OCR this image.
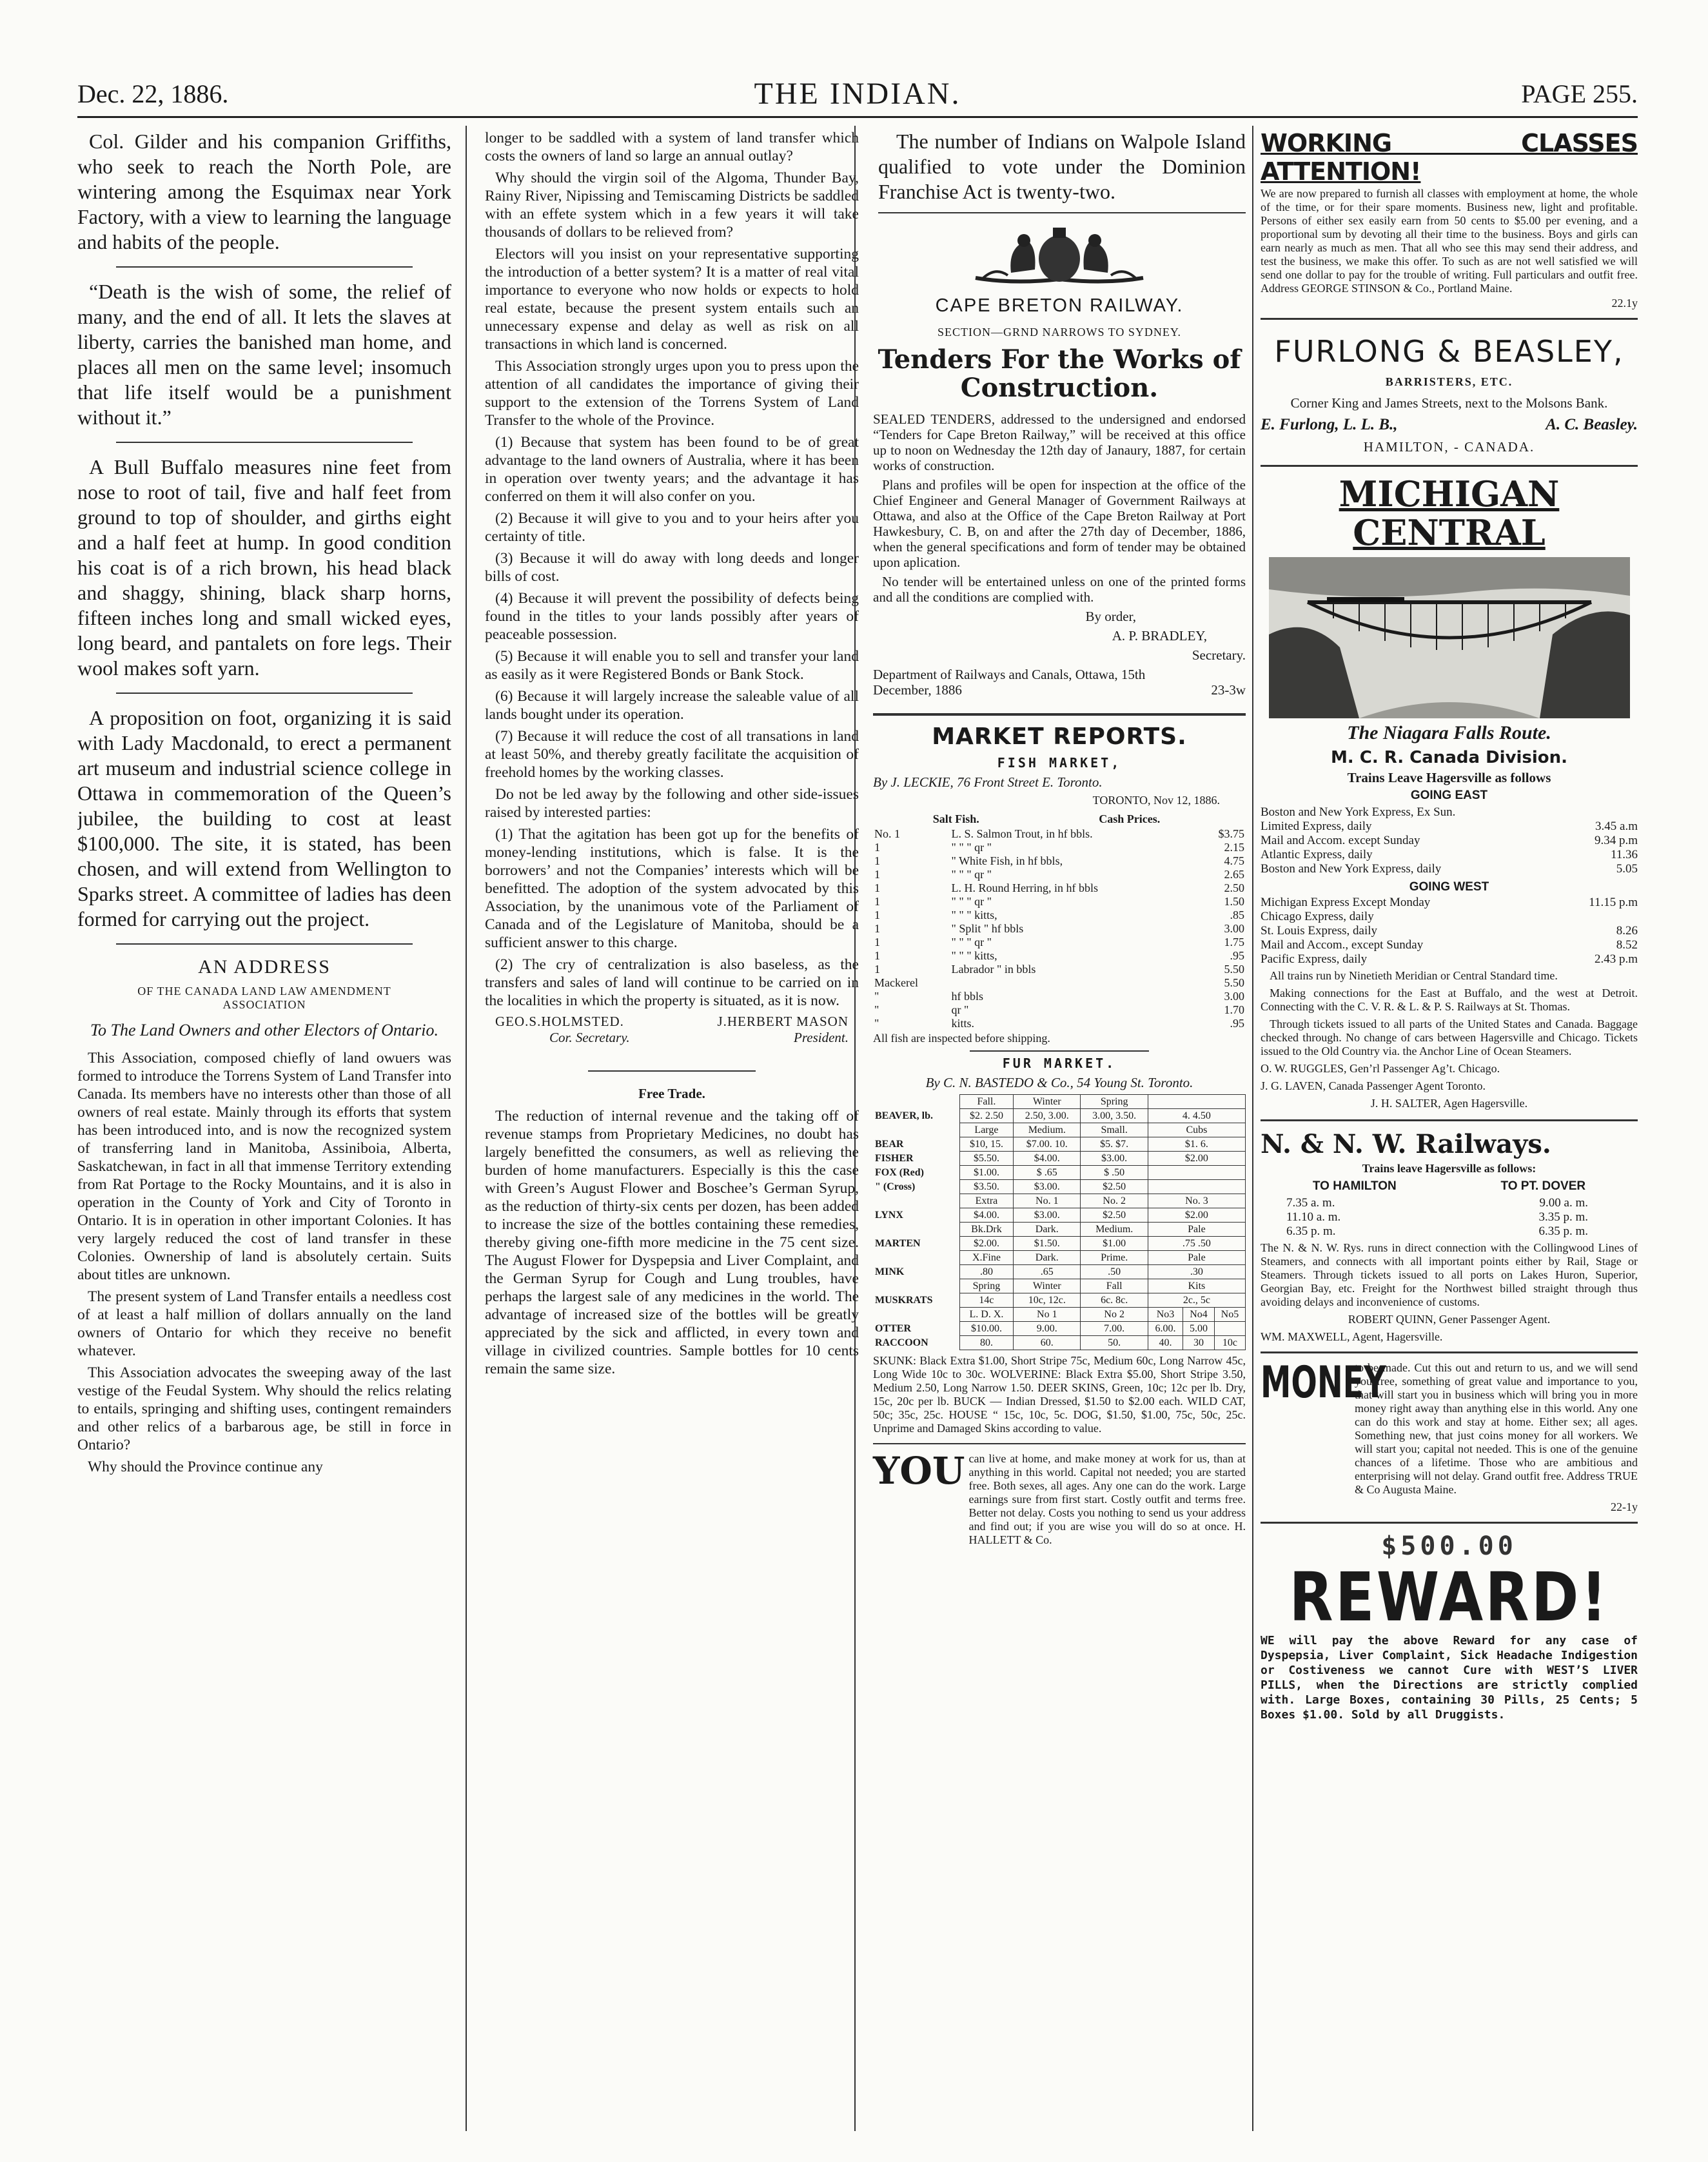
Dec. 22, 1886.	THE INDIAN.	PAGE 255.

Col. Gilder and his companion Griffiths, who seek to reach the North Pole, are wintering among the Esquimax near York Factory, with a view to learning the language and habits of the people.

“Death is the wish of some, the relief of many, and the end of all. It lets the slaves at liberty, carries the banished man home, and places all men on the same level; insomuch that life itself would be a punishment without it.”

A Bull Buffalo measures nine feet from nose to root of tail, five and half feet from ground to top of shoulder, and girths eight and a half feet at hump. In good condition his coat is of a rich brown, his head black and shaggy, shining, black sharp horns, fifteen inches long and small wicked eyes, long beard, and pantalets on fore legs. Their wool makes soft yarn.

A proposition on foot, organizing it is said with Lady Macdonald, to erect a permanent art museum and industrial science college in Ottawa in commemoration of the Queen’s jubilee, the building to cost at least $100,000. The site, it is stated, has been chosen, and will extend from Wellington to Sparks street. A committee of ladies has deen formed for carrying out the project.

AN ADDRESS

OF THE CANADA LAND LAW AMENDMENT ASSOCIATION

To The Land Owners and other Electors of Ontario.

This Association, composed chiefly of land owuers was formed to introduce the Torrens System of Land Transfer into Canada. Its members have no interests other than those of all owners of real estate. Mainly through its efforts that system has been introduced into, and is now the recognized system of transferring land in Manitoba, Assiniboia, Alberta, Saskatchewan, in fact in all that immense Territory extending from Rat Portage to the Rocky Mountains, and it is also in operation in the County of York and City of Toronto in Ontario. It is in operation in other important Colonies. It has very largely reduced the cost of land transfer in these Colonies. Ownership of land is absolutely certain. Suits about titles are unknown.

The present system of Land Transfer entails a needless cost of at least a half million of dollars annually on the land owners of Ontario for which they receive no benefit whatever.

This Association advocates the sweeping away of the last vestige of the Feudal System. Why should the relics relating to entails, springing and shifting uses, contingent remainders and other relics of a barbarous age, be still in force in Ontario?

Why should the Province continue any

longer to be saddled with a system of land transfer which costs the owners of land so large an annual outlay?

Why should the virgin soil of the Algoma, Thunder Bay, Rainy River, Nipissing and Temiscaming Districts be saddled with an effete system which in a few years it will take thousands of dollars to be relieved from?

Electors will you insist on your representative supporting the introduction of a better system? It is a matter of real vital importance to everyone who now holds or expects to hold real estate, because the present system entails such an unnecessary expense and delay as well as risk on all transactions in which land is concerned.

This Association strongly urges upon you to press upon the attention of all candidates the importance of giving their support to the extension of the Torrens System of Land Transfer to the whole of the Province.

(1) Because that system has been found to be of great advantage to the land owners of Australia, where it has been in operation over twenty years; and the advantage it has conferred on them it will also confer on you.

(2) Because it will give to you and to your heirs after you certainty of title.

(3) Because it will do away with long deeds and longer bills of cost.

(4) Because it will prevent the possibility of defects being found in the titles to your lands possibly after years of peaceable possession.

(5) Because it will enable you to sell and transfer your land as easily as it were Registered Bonds or Bank Stock.

(6) Because it will largely increase the saleable value of all lands bought under its operation.

(7) Because it will reduce the cost of all transations in land at least 50%, and thereby greatly facilitate the acquisition of freehold homes by the working classes.

Do not be led away by the following and other side-issues raised by interested parties:

(1) That the agitation has been got up for the benefits of money-lending institutions, which is false. It is the borrowers’ and not the Companies’ interests which will be benefitted. The adoption of the system advocated by this Association, by the unanimous vote of the Parliament of Canada and of the Legislature of Manitoba, should be a sufficient answer to this charge.

(2) The cry of centralization is also baseless, as the transfers and sales of land will continue to be carried on in the localities in which the property is situated, as it is now.

GEO.S.HOLMSTED.	J.HERBERT MASON
Cor. Secretary.	President.

Free Trade.

The reduction of internal revenue and the taking off of revenue stamps from Proprietary Medicines, no doubt has largely benefitted the consumers, as well as relieving the burden of home manufacturers. Especially is this the case with Green’s August Flower and Boschee’s German Syrup, as the reduction of thirty-six cents per dozen, has been added to increase the size of the bottles containing these remedies, thereby giving one-fifth more medicine in the 75 cent size. The August Flower for Dyspepsia and Liver Complaint, and the German Syrup for Cough and Lung troubles, have perhaps the largest sale of any medicines in the world. The advantage of increased size of the bottles will be greatly appreciated by the sick and afflicted, in every town and village in civilized countries. Sample bottles for 10 cents remain the same size.

The number of Indians on Walpole Island qualified to vote under the Dominion Franchise Act is twenty-two.

CAPE BRETON RAILWAY.

SECTION—GRND NARROWS TO SYDNEY.

Tenders For the Works of Construction.

SEALED TENDERS, addressed to the undersigned and endorsed “Tenders for Cape Breton Railway,” will be received at this office up to noon on Wednesday the 12th day of Janaury, 1887, for certain works of construction.

Plans and profiles will be open for inspection at the office of the Chief Engineer and General Manager of Government Railways at Ottawa, and also at the Office of the Cape Breton Railway at Port Hawkesbury, C. B, on and after the 27th day of December, 1886, when the general specifications and form of tender may be obtained upon aplication.

No tender will be entertained unless on one of the printed forms and all the conditions are complied with.

By order,

A. P. BRADLEY,

Secretary.

Department of Railways and Canals, Ottawa, 15th December, 1886	23-3w

MARKET REPORTS.

FISH MARKET,

By J. LECKIE, 76 Front Street E. Toronto.

TORONTO, Nov 12, 1886.

Salt Fish.	Cash Prices.
No. 1	L. S. Salmon Trout, in hf bbls.	$3.75
1	" " " qr "	2.15
1	" White Fish, in hf bbls,	4.75
1	" " " qr "	2.65
1	L. H. Round Herring, in hf bbls	2.50
1	" " " qr "	1.50
1	" " " kitts,	.85
1	" Split " hf bbls	3.00
1	" " " qr "	1.75
1	" " " kitts,	.95
1	Labrador " in bbls	5.50
Mackerel		5.50
"	hf bbls	3.00
"	qr "	1.70
"	kitts.	.95

All fish are inspected before shipping.

FUR MARKET.

By C. N. BASTEDO & Co., 54 Young St. Toronto.

	Fall.	Winter	Spring			
BEAVER, lb.	$2. 2.50	2.50, 3.00.	3.00, 3.50.	4. 4.50		
	Large	Medium.	Small.	Cubs		
BEAR	$10, 15.	$7.00. 10.	$5. $7.	$1. 6.		
FISHER	$5.50.	$4.00.	$3.00.	$2.00		
FOX (Red)	$1.00.	$ .65	$ .50			
" (Cross)	$3.50.	$3.00.	$2.50			
	Extra	No. 1	No. 2	No. 3		
LYNX	$4.00.	$3.00.	$2.50	$2.00		
	Bk.Drk	Dark.	Medium.	Pale		
MARTEN	$2.00.	$1.50.	$1.00	.75 .50		
	X.Fine	Dark.	Prime.	Pale		
MINK	.80	.65	.50	.30		
	Spring	Winter	Fall	Kits		
MUSKRATS	14c	10c, 12c.	6c. 8c.	2c., 5c		
	L. D. X.	No 1	No 2	No3	No4	No5
OTTER	$10.00.	9.00.	7.00.	6.00.	5.00	
RACCOON	80.	60.	50.	40.	30	10c

SKUNK: Black Extra $1.00, Short Stripe 75c, Medium 60c, Long Narrow 45c, Long Wide 10c to 30c. WOLVERINE: Black Extra $5.00, Short Stripe 3.50, Medium 2.50, Long Narrow 1.50. DEER SKINS, Green, 10c; 12c per lb. Dry, 15c, 20c per lb. BUCK — Indian Dressed, $1.50 to $2.00 each. WILD CAT, 50c; 35c, 25c. HOUSE “ 15c, 10c, 5c. DOG, $1.50, $1.00, 75c, 50c, 25c. Unprime and Damaged Skins according to value.

YOU can live at home, and make money at work for us, than at anything in this world. Capital not needed; you are started free. Both sexes, all ages. Any one can do the work. Large earnings sure from first start. Costly outfit and terms free. Better not delay. Costs you nothing to send us your address and find out; if you are wise you will do so at once. H. HALLETT & Co.

WORKING CLASSES ATTENTION!

We are now prepared to furnish all classes with employment at home, the whole of the time, or for their spare moments. Business new, light and profitable. Persons of either sex easily earn from 50 cents to $5.00 per evening, and a proportional sum by devoting all their time to the business. Boys and girls can earn nearly as much as men. That all who see this may send their address, and test the business, we make this offer. To such as are not well satisfied we will send one dollar to pay for the trouble of writing. Full particulars and outfit free. Address GEORGE STINSON & Co., Portland Maine.

22.1y

FURLONG & BEASLEY,

BARRISTERS, ETC.

Corner King and James Streets, next to the Molsons Bank.

E. Furlong, L. L. B.,	A. C. Beasley.

HAMILTON, - CANADA.

MICHIGAN CENTRAL

The Niagara Falls Route.

M. C. R. Canada Division.

Trains Leave Hagersville as follows

GOING EAST

Boston and New York Express, Ex Sun.	
Limited Express, daily	3.45 a.m
Mail and Accom. except Sunday	9.34 p.m
Atlantic Express, daily	11.36
Boston and New York Express, daily	5.05

GOING WEST

Michigan Express Except Monday	11.15 p.m
Chicago Express, daily	
St. Louis Express, daily	8.26
Mail and Accom., except Sunday	8.52
Pacific Express, daily	2.43 p.m

All trains run by Ninetieth Meridian or Central Standard time.

Making connections for the East at Buffalo, and the west at Detroit. Connecting with the C. V. R. & L. & P. S. Railways at St. Thomas.

Through tickets issued to all parts of the United States and Canada. Baggage checked through. No change of cars between Hagersville and Chicago. Tickets issued to the Old Country via. the Anchor Line of Ocean Steamers.

O. W. RUGGLES, Gen’rl Passenger Ag’t. Chicago.

J. G. LAVEN, Canada Passenger Agent Toronto.

J. H. SALTER, Agen Hagersville.

N. & N. W. Railways.

Trains leave Hagersville as follows:

TO HAMILTON	TO PT. DOVER
7.35 a. m.	9.00 a. m.
11.10 a. m.	3.35 p. m.
6.35 p. m.	6.35 p. m.

The N. & N. W. Rys. runs in direct connection with the Collingwood Lines of Steamers, and connects with all important points either by Rail, Stage or Steamers. Through tickets issued to all ports on Lakes Huron, Superior, Georgian Bay, etc. Freight for the Northwest billed straight through thus avoiding delays and inconvenience of customs.

ROBERT QUINN, Gener Passenger Agent.

WM. MAXWELL, Agent, Hagersville.

MONEY

to be made. Cut this out and return to us, and we will send you free, something of great value and importance to you, that will start you in business which will bring you in more money right away than anything else in this world. Any one can do this work and stay at home. Either sex; all ages. Something new, that just coins money for all workers. We will start you; capital not needed. This is one of the genuine chances of a lifetime. Those who are ambitious and enterprising will not delay. Grand outfit free. Address TRUE & Co Augusta Maine.

22-1y

$500.00

REWARD!

WE will pay the above Reward for any case of Dyspepsia, Liver Complaint, Sick Headache Indigestion or Costiveness we cannot Cure with WEST’S LIVER PILLS, when the Directions are strictly complied with. Large Boxes, containing 30 Pills, 25 Cents; 5 Boxes $1.00. Sold by all Druggists.
